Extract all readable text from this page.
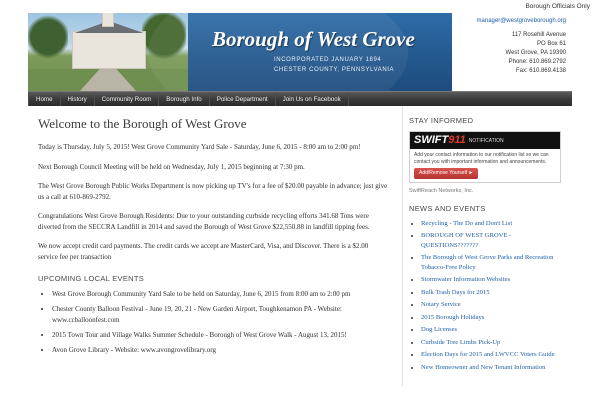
Borough Officials Only
Borough of West Grove
INCORPORATED JANUARY 1894
CHESTER COUNTY, PENNSYLVANIA
manager@westgroveborough.org
117 Rosehill Avenue
PO Box 61
West Grove, PA 19390
Phone: 610.869.2792
Fax: 610.869.4138
Home	History	Community Room	Borough Info	Police Department	Join Us on Facebook
Welcome to the Borough of West Grove

Today is Thursday, July 5, 2015! West Grove Community Yard Sale - Saturday, June 6, 2015 - 8:00 am to 2:00 pm!

Next Borough Council Meeting will be held on Wednesday, July 1, 2015 beginning at 7:30 pm.

The West Grove Borough Public Works Department is now picking up TV's for a fee of $20.00 payable in advance; just give us a call at 610-869-2792.

Congratulations West Grove Borough Residents: Due to your outstanding curbside recycling efforts 341.68 Tons were diverted from the SECCRA Landfill in 2014 and saved the Borough of West Grove $22,550.88 in landfill tipping fees.

We now accept credit card payments. The credit cards we accept are MasterCard, Visa, and Discover. There is a $2.00 service fee per transaction

UPCOMING LOCAL EVENTS
• West Grove Borough Community Yard Sale to be held on Saturday, June 6, 2015 from 8:00 am to 2:00 pm
• Chester County Balloon Festival - June 19, 20, 21 - New Garden Airport, Toughkenamon PA - Website: www.ccballoonfest.com
• 2015 Town Tour and Village Walks Summer Schedule - Borough of West Grove Walk - August 13, 2015!
• Avon Grove Library - Website: www.avongrovelibrary.org
STAY INFORMED
SWIFT911 NOTIFICATION
Add your contact information to our notification list so we can contact you with important information and announcements.
Add/Remove Yourself ►
SwiftReach Networks, Inc.
NEWS AND EVENTS
• Recycling - The Do and Don't List
• BOROUGH OF WEST GROVE - QUESTIONS???????
• The Borough of West Grove Parks and Recreation Tobacco-Free Policy
• Stormwater Information Websites
• Bulk Trash Days for 2015
• Notary Service
• 2015 Borough Holidays
• Dog Licenses
• Curbside Tree Limbs Pick-Up
• Election Days for 2015 and LWVCC Voters Guide
• New Homeowner and New Tenant Information
